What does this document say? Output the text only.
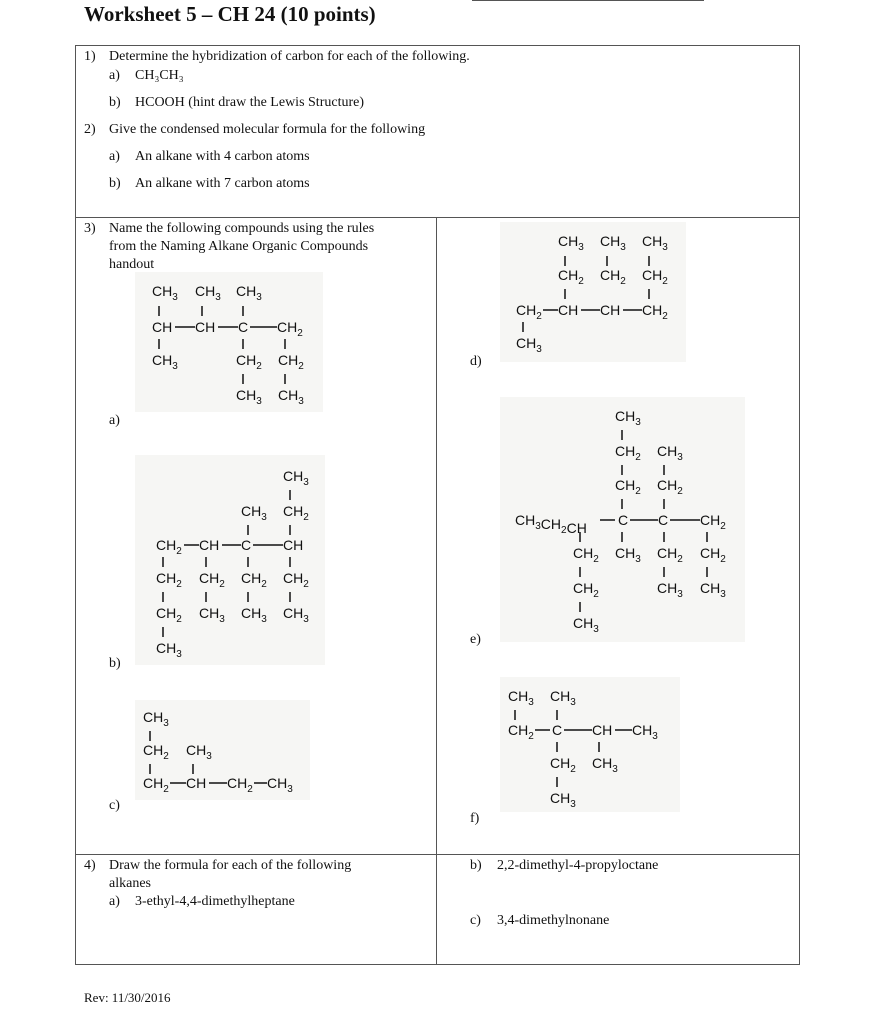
Worksheet 5 – CH 24 (10 points)
1) Determine the hybridization of carbon for each of the following.
a) CH₃CH₃
b) HCOOH (hint draw the Lewis Structure)
2) Give the condensed molecular formula for the following
a) An alkane with 4 carbon atoms
b) An alkane with 7 carbon atoms
3) Name the following compounds using the rules
from the Naming Alkane Organic Compounds
handout
a)
b)
c)
d)
e)
f)
$CH_3$ $CH_3$ $CH_3$
CH CH C $CH_2$
$CH_3$	$CH_2$ $CH_2$
$CH_3$ $CH_3$
$CH_3$
$CH_3$ $CH_2$
$CH_2$ CH C CH
$CH_2$ $CH_2$ $CH_2$ $CH_2$
$CH_2$ $CH_3$ $CH_3$ $CH_3$
$CH_3$
$CH_3$
$CH_2$ $CH_3$
$CH_2$ CH $CH_2$ $CH_3$
$CH_3$ $CH_3$ $CH_3$
$CH_2$ $CH_2$ $CH_2$
$CH_2$ CH CH $CH_2$
$CH_3$
$CH_3$
$CH_2$ $CH_3$
$CH_2$ $CH_2$
$CH_3CH_2CH$ C C $CH_2$
$CH_2$ $CH_3$ $CH_2$ $CH_2$
$CH_2$	$CH_3$ $CH_3$
$CH_3$
$CH_3$ $CH_3$
$CH_2$ C CH $CH_3$
$CH_2$ $CH_3$
$CH_3$
4) Draw the formula for each of the following
alkanes
a) 3-ethyl-4,4-dimethylheptane
b) 2,2-dimethyl-4-propyloctane
c) 3,4-dimethylnonane
Rev: 11/30/2016
